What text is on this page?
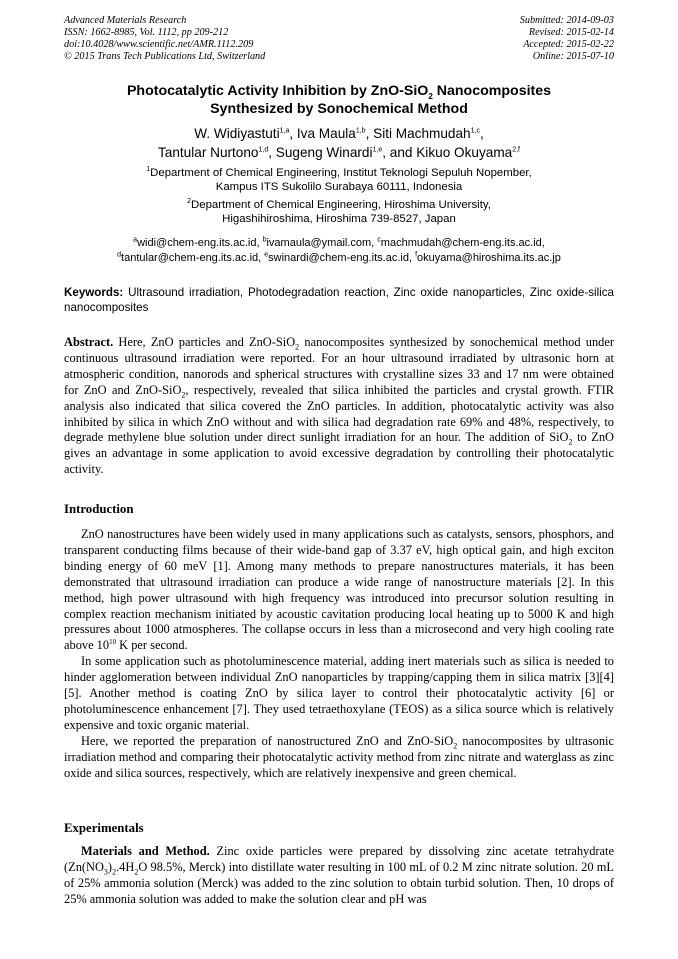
Advanced Materials Research
ISSN: 1662-8985, Vol. 1112, pp 209-212
doi:10.4028/www.scientific.net/AMR.1112.209
© 2015 Trans Tech Publications Ltd, Switzerland
Submitted: 2014-09-03
Revised: 2015-02-14
Accepted: 2015-02-22
Online: 2015-07-10
Photocatalytic Activity Inhibition by ZnO-SiO$_2$ Nanocomposites
Synthesized by Sonochemical Method
W. Widiyastuti$^{1,a}$, Iva Maula$^{1,b}$, Siti Machmudah$^{1,c}$,
Tantular Nurtono$^{1,d}$, Sugeng Winardi$^{1,e}$, and Kikuo Okuyama$^{2,f}$
$^1$Department of Chemical Engineering, Institut Teknologi Sepuluh Nopember,
Kampus ITS Sukolilo Surabaya 60111, Indonesia
$^2$Department of Chemical Engineering, Hiroshima University,
Higashihiroshima, Hiroshima 739-8527, Japan
$^a$widi@chem-eng.its.ac.id, $^b$ivamaula@ymail.com, $^c$machmudah@chem-eng.its.ac.id,
$^d$tantular@chem-eng.its.ac.id, $^e$swinardi@chem-eng.its.ac.id, $^f$okuyama@hiroshima.its.ac.jp
Keywords: Ultrasound irradiation, Photodegradation reaction, Zinc oxide nanoparticles, Zinc oxide-silica nanocomposites
Abstract. Here, ZnO particles and ZnO-SiO$_2$ nanocomposites synthesized by sonochemical method under continuous ultrasound irradiation were reported. For an hour ultrasound irradiated by ultrasonic horn at atmospheric condition, nanorods and spherical structures with crystalline sizes 33 and 17 nm were obtained for ZnO and ZnO-SiO$_2$, respectively, revealed that silica inhibited the particles and crystal growth. FTIR analysis also indicated that silica covered the ZnO particles. In addition, photocatalytic activity was also inhibited by silica in which ZnO without and with silica had degradation rate 69% and 48%, respectively, to degrade methylene blue solution under direct sunlight irradiation for an hour. The addition of SiO$_2$ to ZnO gives an advantage in some application to avoid excessive degradation by controlling their photocatalytic activity.
Introduction

ZnO nanostructures have been widely used in many applications such as catalysts, sensors, phosphors, and transparent conducting films because of their wide-band gap of 3.37 eV, high optical gain, and high exciton binding energy of 60 meV [1]. Among many methods to prepare nanostructures materials, it has been demonstrated that ultrasound irradiation can produce a wide range of nanostructure materials [2]. In this method, high power ultrasound with high frequency was introduced into precursor solution resulting in complex reaction mechanism initiated by acoustic cavitation producing local heating up to 5000 K and high pressures about 1000 atmospheres. The collapse occurs in less than a microsecond and very high cooling rate above $10^{10}$ K per second.

In some application such as photoluminescence material, adding inert materials such as silica is needed to hinder agglomeration between individual ZnO nanoparticles by trapping/capping them in silica matrix [3][4][5]. Another method is coating ZnO by silica layer to control their photocatalytic activity [6] or photoluminescence enhancement [7]. They used tetraethoxylane (TEOS) as a silica source which is relatively expensive and toxic organic material.

Here, we reported the preparation of nanostructured ZnO and ZnO-SiO$_2$ nanocomposites by ultrasonic irradiation method and comparing their photocatalytic activity method from zinc nitrate and waterglass as zinc oxide and silica sources, respectively, which are relatively inexpensive and green chemical.

Experimentals

Materials and Method. Zinc oxide particles were prepared by dissolving zinc acetate tetrahydrate ($Zn(NO_3)_2.4H_2O$ 98.5%, Merck) into distillate water resulting in 100 mL of 0.2 M zinc nitrate solution. 20 mL of 25% ammonia solution (Merck) was added to the zinc solution to obtain turbid solution. Then, 10 drops of 25% ammonia solution was added to make the solution clear and pH was
